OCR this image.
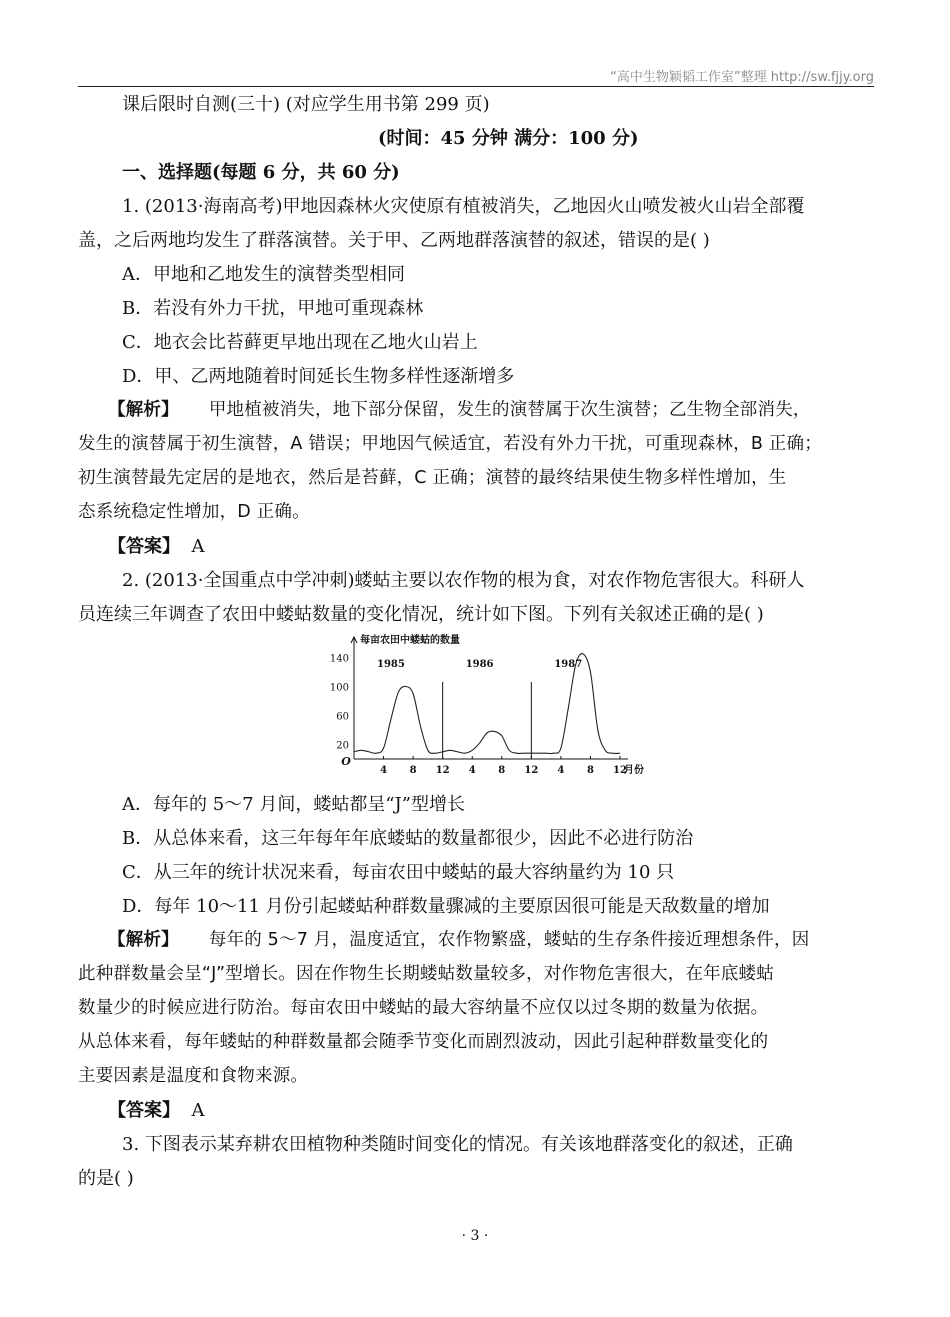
“高中生物颖韬工作室”整理 http://sw.fjjy.org
课后限时自测(三十) (对应学生用书第 299 页)
(时间：45 分钟 满分：100 分)
一、选择题(每题 6 分，共 60 分)
1. (2013·海南高考)甲地因森林火灾使原有植被消失，乙地因火山喷发被火山岩全部覆
盖，之后两地均发生了群落演替。关于甲、乙两地群落演替的叙述，错误的是( )
A．甲地和乙地发生的演替类型相同
B．若没有外力干扰，甲地可重现森林
C．地衣会比苔藓更早地出现在乙地火山岩上
D．甲、乙两地随着时间延长生物多样性逐渐增多
【解析】 甲地植被消失，地下部分保留，发生的演替属于次生演替；乙生物全部消失，
发生的演替属于初生演替，A 错误；甲地因气候适宜，若没有外力干扰，可重现森林，B 正确；
初生演替最先定居的是地衣，然后是苔藓，C 正确；演替的最终结果使生物多样性增加，生
态系统稳定性增加，D 正确。
【答案】 A
2. (2013·全国重点中学冲刺)蝼蛄主要以农作物的根为食，对农作物危害很大。科研人
员连续三年调查了农田中蝼蛄数量的变化情况，统计如下图。下列有关叙述正确的是( )
A．每年的 5～7 月间，蝼蛄都呈“J”型增长
B．从总体来看，这三年每年年底蝼蛄的数量都很少，因此不必进行防治
C．从三年的统计状况来看，每亩农田中蝼蛄的最大容纳量约为 10 只
D．每年 10～11 月份引起蝼蛄种群数量骤减的主要原因很可能是天敌数量的增加
【解析】 每年的 5～7 月，温度适宜，农作物繁盛，蝼蛄的生存条件接近理想条件，因
此种群数量会呈“J”型增长。因在作物生长期蝼蛄数量较多，对作物危害很大，在年底蝼蛄
数量少的时候应进行防治。每亩农田中蝼蛄的最大容纳量不应仅以过冬期的数量为依据。
从总体来看，每年蝼蛄的种群数量都会随季节变化而剧烈波动，因此引起种群数量变化的
主要因素是温度和食物来源。
【答案】 A
3. 下图表示某弃耕农田植物种类随时间变化的情况。有关该地群落变化的叙述，正确
的是( )
每亩农田中蝼蛄的数量
20
60
100
140
O
4 8 12 4 8 12 4 8 12
月份
1985	1986	1987
· 3 ·
